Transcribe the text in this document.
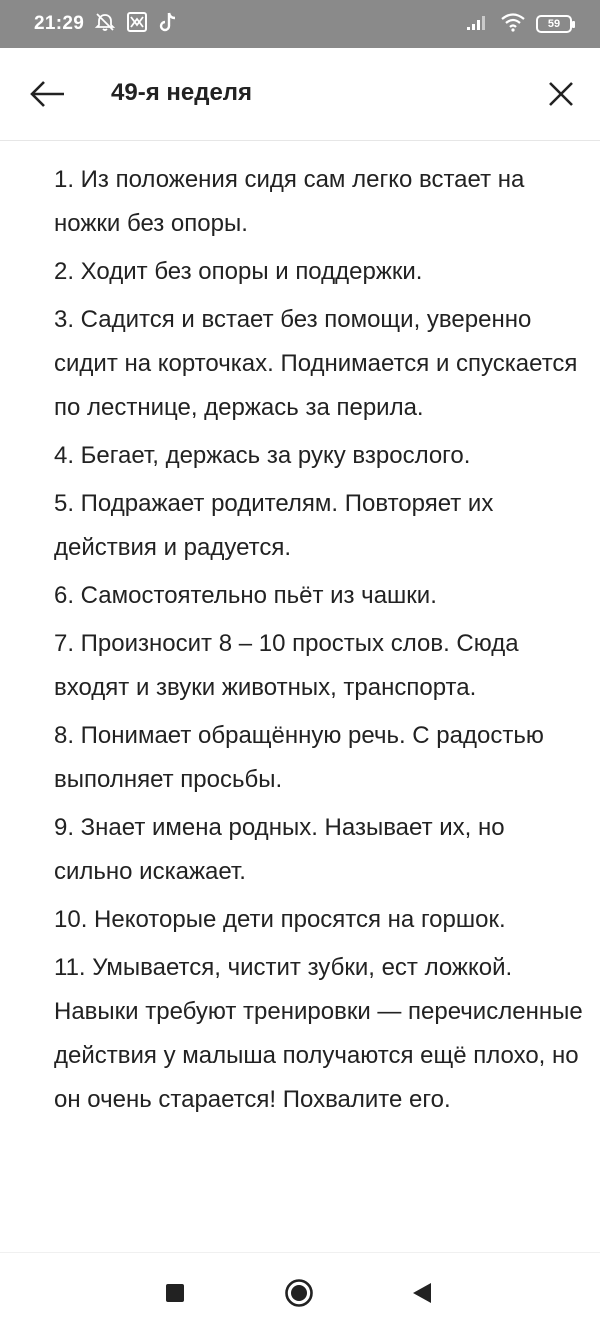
21:29	59
49-я неделя

1. Из положения сидя сам легко встает на ножки без опоры.

2. Ходит без опоры и поддержки.

3. Садится и встает без помощи, уверенно сидит на корточках. Поднимается и спускается по лестнице, держась за перила.

4. Бегает, держась за руку взрослого.

5. Подражает родителям. Повторяет их действия и радуется.

6. Самостоятельно пьёт из чашки.

7. Произносит 8 – 10 простых слов. Сюда входят и звуки животных, транспорта.

8. Понимает обращённую речь. С радостью выполняет просьбы.

9. Знает имена родных. Называет их, но сильно искажает.

10. Некоторые дети просятся на горшок.

11. Умывается, чистит зубки, ест ложкой. Навыки требуют тренировки — перечисленные действия у малыша получаются ещё плохо, но он очень старается! Похвалите его.
